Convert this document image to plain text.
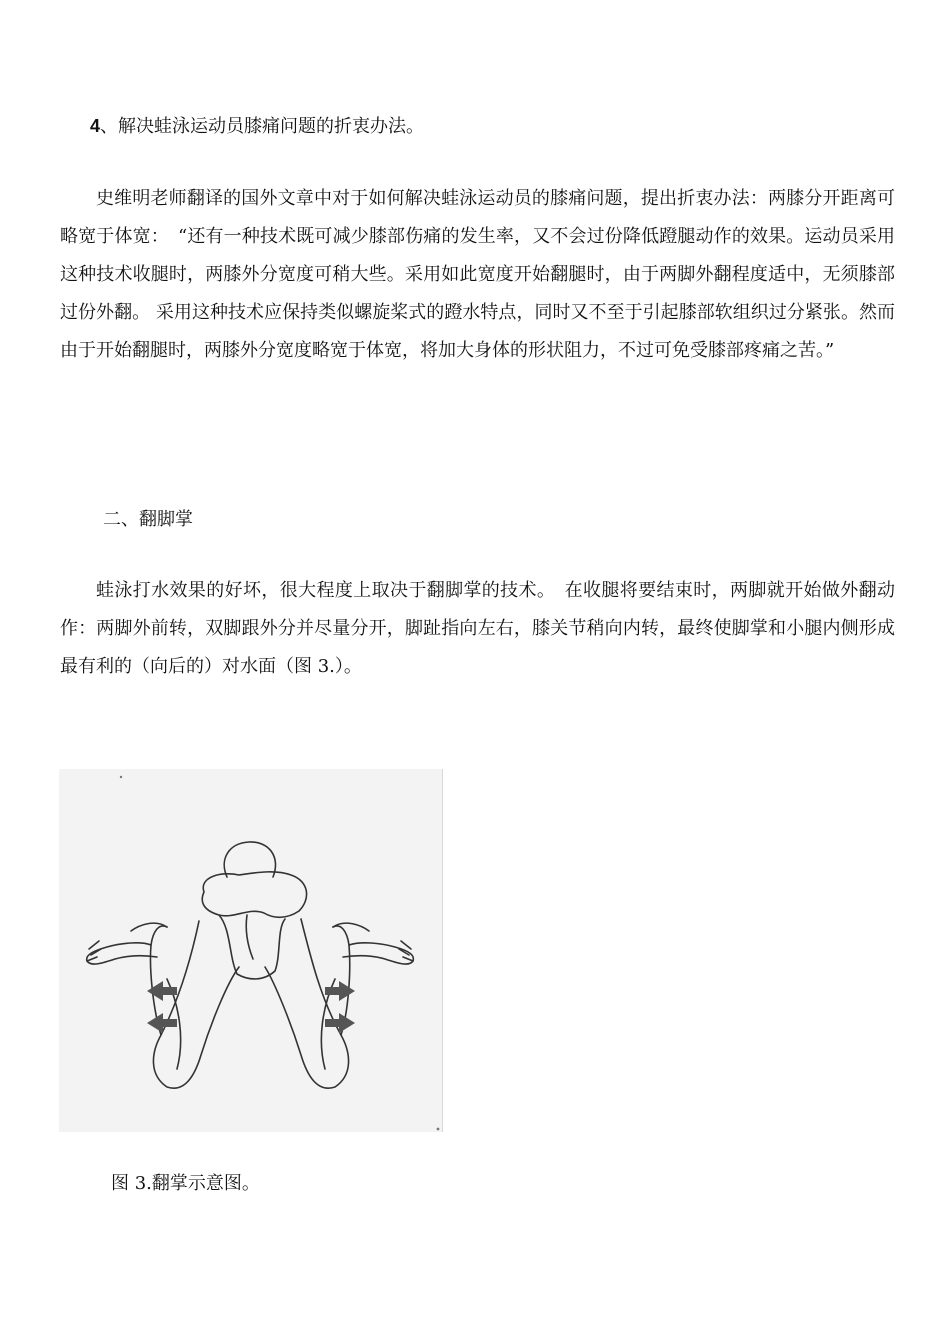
4、解决蛙泳运动员膝痛问题的折衷办法。
史维明老师翻译的国外文章中对于如何解决蛙泳运动员的膝痛问题，提出折衷办法：两膝分开距离可略宽于体宽：　“还有一种技术既可减少膝部伤痛的发生率，又不会过份降低蹬腿动作的效果。运动员采用这种技术收腿时，两膝外分宽度可稍大些。采用如此宽度开始翻腿时，由于两脚外翻程度适中，无须膝部过份外翻。 采用这种技术应保持类似螺旋桨式的蹬水特点，同时又不至于引起膝部软组织过分紧张。然而由于开始翻腿时，两膝外分宽度略宽于体宽，将加大身体的形状阻力，不过可免受膝部疼痛之苦。”
二、翻脚掌
蛙泳打水效果的好坏，很大程度上取决于翻脚掌的技术。　在收腿将要结束时，两脚就开始做外翻动作：两脚外前转，双脚跟外分并尽量分开，脚趾指向左右，膝关节稍向内转，最终使脚掌和小腿内侧形成最有利的（向后的）对水面（图 3.）。
图 3.翻掌示意图。
